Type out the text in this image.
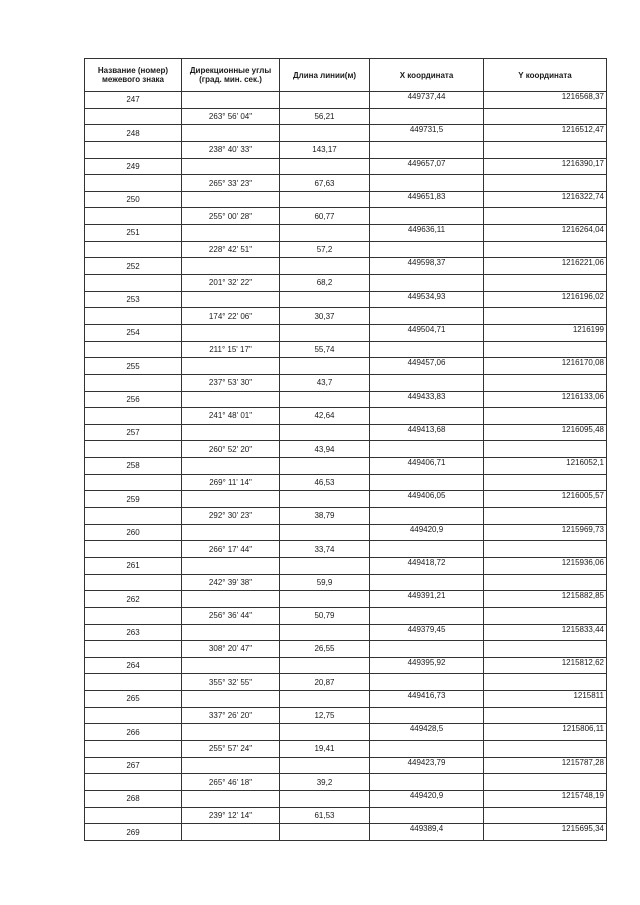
Название (номер) межевого знака	Дирекционные углы (град. мин. сек.)	Длина линии(м)	X координата	Y координата
247			449737,44	1216568,37
	263° 56' 04"	56,21		
248			449731,5	1216512,47
	238° 40' 33"	143,17		
249			449657,07	1216390,17
	265° 33' 23"	67,63		
250			449651,83	1216322,74
	255° 00' 28"	60,77		
251			449636,11	1216264,04
	228° 42' 51"	57,2		
252			449598,37	1216221,06
	201° 32' 22"	68,2		
253			449534,93	1216196,02
	174° 22' 06"	30,37		
254			449504,71	1216199
	211° 15' 17"	55,74		
255			449457,06	1216170,08
	237° 53' 30"	43,7		
256			449433,83	1216133,06
	241° 48' 01"	42,64		
257			449413,68	1216095,48
	260° 52' 20"	43,94		
258			449406,71	1216052,1
	269° 11' 14"	46,53		
259			449406,05	1216005,57
	292° 30' 23"	38,79		
260			449420,9	1215969,73
	266° 17' 44"	33,74		
261			449418,72	1215936,06
	242° 39' 38"	59,9		
262			449391,21	1215882,85
	256° 36' 44"	50,79		
263			449379,45	1215833,44
	308° 20' 47"	26,55		
264			449395,92	1215812,62
	355° 32' 55"	20,87		
265			449416,73	1215811
	337° 26' 20"	12,75		
266			449428,5	1215806,11
	255° 57' 24"	19,41		
267			449423,79	1215787,28
	265° 46' 18"	39,2		
268			449420,9	1215748,19
	239° 12' 14"	61,53		
269			449389,4	1215695,34
